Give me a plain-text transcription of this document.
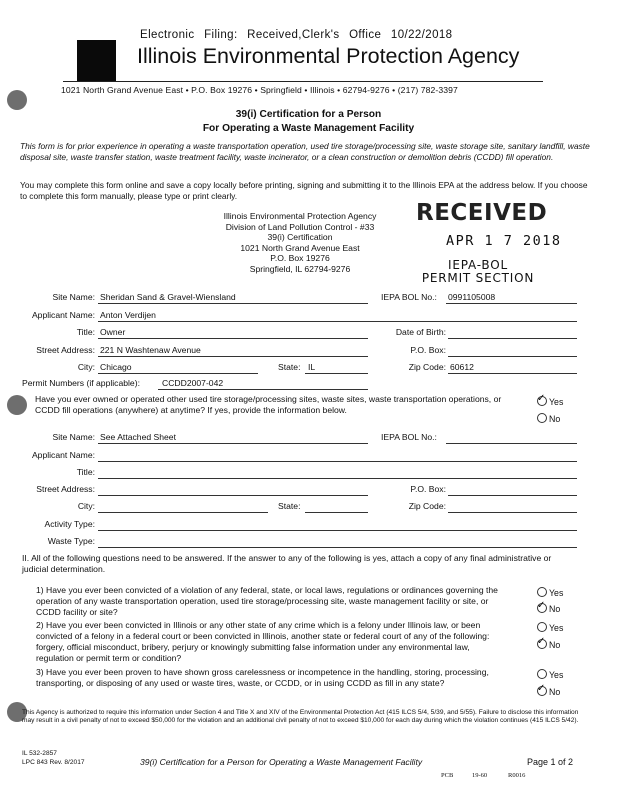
Electronic Filing: Received,Clerk's Office 10/22/2018
Illinois Environmental Protection Agency
1021 North Grand Avenue East • P.O. Box 19276 • Springfield • Illinois • 62794-9276 • (217) 782-3397
39(i) Certification for a Person
For Operating a Waste Management Facility
This form is for prior experience in operating a waste transportation operation, used tire storage/processing site, waste storage site, sanitary landfill, waste disposal site, waste transfer station, waste treatment facility, waste incinerator, or a clean construction or demolition debris (CCDD) fill operation.
You may complete this form online and save a copy locally before printing, signing and submitting it to the Illinois EPA at the address below. If you choose to complete this form manually, please type or print clearly.
Illinois Environmental Protection Agency
Division of Land Pollution Control - #33
39(i) Certification
1021 North Grand Avenue East
P.O. Box 19276
Springfield, IL 62794-9276
RECEIVED
APR 1 7 2018
IEPA-BOL
PERMIT SECTION
Site Name: Sheridan Sand & Gravel-Wiensland	IEPA BOL No.: 0991105008
Applicant Name: Anton Verdijen
Title: Owner	Date of Birth:
Street Address: 221 N Washtenaw Avenue	P.O. Box:
City: Chicago	State: IL	Zip Code: 60612
Permit Numbers (if applicable):	CCDD2007-042
Have you ever owned or operated other used tire storage/processing sites, waste sites, waste transportation operations, or CCDD fill operations (anywhere) at anytime? If yes, provide the information below.
✓Yes
No
Site Name: See Attached Sheet	IEPA BOL No.:
Applicant Name:
Title:
Street Address:	P.O. Box:
City:	State:	Zip Code:
Activity Type:
Waste Type:
II. All of the following questions need to be answered. If the answer to any of the following is yes, attach a copy of any final administrative or judicial determination.
1) Have you ever been convicted of a violation of any federal, state, or local laws, regulations or ordinances governing the operation of any waste transportation operation, used tire storage/processing site, waste management facility or site, or CCDD facility or site?
Yes
✓No
2) Have you ever been convicted in Illinois or any other state of any crime which is a felony under Illinois law, or been convicted of a felony in a federal court or been convicted in Illinois, another state or federal court of any of the following: forgery, official misconduct, bribery, perjury or knowingly submitting false information under any environmental law, regulation or permit term or condition?
Yes
✓No
3) Have you ever been proven to have shown gross carelessness or incompetence in the handling, storing, processing, transporting, or disposing of any used or waste tires, waste, or CCDD, or in using CCDD as fill in any state?
Yes
✓No
This Agency is authorized to require this information under Section 4 and Title X and XIV of the Environmental Protection Act (415 ILCS 5/4, 5/39, and 5/55). Failure to disclose this information may result in a civil penalty of not to exceed $50,000 for the violation and an additional civil penalty of not to exceed $10,000 for each day during which the violation continues (415 ILCS 5/42).
IL 532-2857
LPC 843 Rev. 8/2017	39(i) Certification for a Person for Operating a Waste Management Facility	Page 1 of 2
PCB	19-60	R0016
